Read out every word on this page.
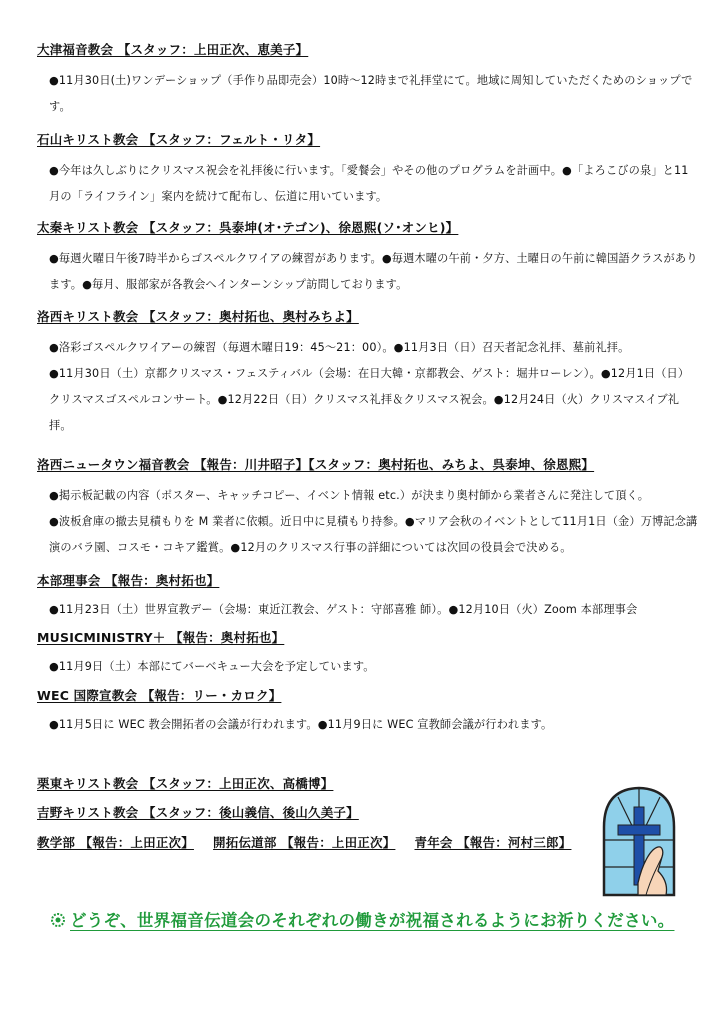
大津福音教会 【スタッフ：上田正次、恵美子】

●11月30日(土)ワンデーショップ（手作り品即売会）10時～12時まで礼拝堂にて。地域に周知していただくためのショップです。

石山キリスト教会 【スタッフ：フェルト・リタ】

●今年は久しぶりにクリスマス祝会を礼拝後に行います。「愛餐会」やその他のプログラムを計画中。●「よろこびの泉」と11月の「ライフライン」案内を続けて配布し、伝道に用いています。

太秦キリスト教会 【スタッフ：呉泰坤(オ･テゴン)、徐恩熙(ソ･オンヒ)】

●毎週火曜日午後7時半からゴスペルクワイアの練習があります。●毎週木曜の午前・夕方、土曜日の午前に韓国語クラスがあります。●毎月、服部家が各教会へインターンシップ訪問しております。

洛西キリスト教会 【スタッフ：奥村拓也、奥村みちよ】

●洛彩ゴスペルクワイアーの練習（毎週木曜日19：45～21：00）。●11月3日（日）召天者記念礼拝、墓前礼拝。

●11月30日（土）京都クリスマス・フェスティバル（会場：在日大韓・京都教会、ゲスト：堀井ローレン）。●12月1日（日）クリスマスゴスペルコンサート。●12月22日（日）クリスマス礼拝＆クリスマス祝会。●12月24日（火）クリスマスイブ礼拝。

洛西ニュータウン福音教会 【報告：川井昭子】【スタッフ：奥村拓也、みちよ、呉泰坤、徐恩熙】

●掲示板記載の内容（ポスター、キャッチコピー、イベント情報 etc.）が決まり奥村師から業者さんに発注して頂く。

●波板倉庫の撤去見積もりを M 業者に依頼。近日中に見積もり持参。●マリア会秋のイベントとして11月1日（金）万博記念講演のバラ園、コスモ・コキア鑑賞。●12月のクリスマス行事の詳細については次回の役員会で決める。

本部理事会 【報告：奥村拓也】

●11月23日（土）世界宣教デー（会場：東近江教会、ゲスト：守部喜雅 師）。●12月10日（火）Zoom 本部理事会

MUSICMINISTRY＋ 【報告：奥村拓也】

●11月9日（土）本部にてバーベキュー大会を予定しています。

WEC 国際宣教会 【報告：リー・カロク】

●11月5日に WEC 教会開拓者の会議が行われます。●11月9日に WEC 宣教師会議が行われます。

栗東キリスト教会 【スタッフ：上田正次、高橋博】
吉野キリスト教会 【スタッフ：後山義信、後山久美子】
教学部 【報告：上田正次】 開拓伝道部 【報告：上田正次】 青年会 【報告：河村三郎】
どうぞ、世界福音伝道会のそれぞれの働きが祝福されるようにお祈りください。
